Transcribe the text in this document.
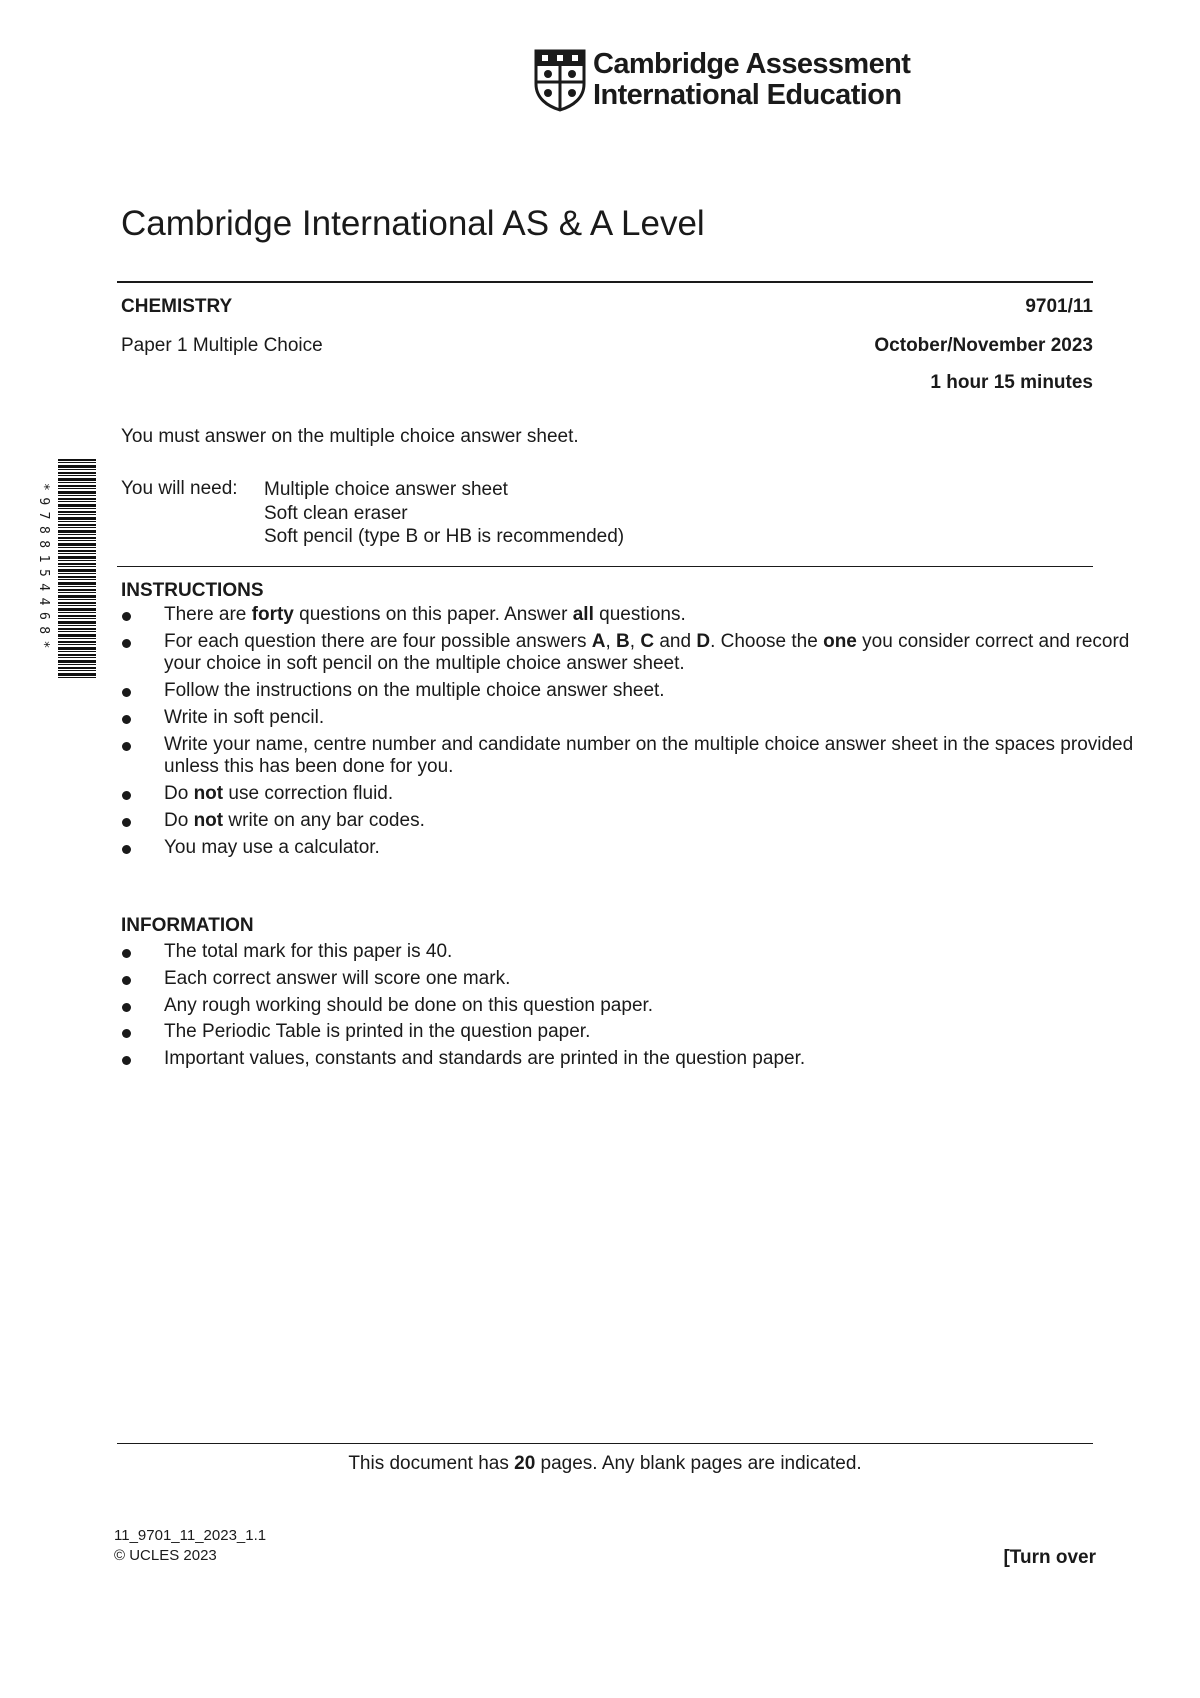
Cambridge Assessment
International Education
Cambridge International AS & A Level
CHEMISTRY	9701/11
Paper 1 Multiple Choice	October/November 2023
1 hour 15 minutes
You must answer on the multiple choice answer sheet.
You will need: Multiple choice answer sheet
Soft clean eraser
Soft pencil (type B or HB is recommended)
*9788154468*	INSTRUCTIONS
There are forty questions on this paper. Answer all questions.
For each question there are four possible answers A, B, C and D. Choose the one you consider correct and record your choice in soft pencil on the multiple choice answer sheet.
Follow the instructions on the multiple choice answer sheet.
Write in soft pencil.
Write your name, centre number and candidate number on the multiple choice answer sheet in the spaces provided unless this has been done for you.
Do not use correction fluid.
Do not write on any bar codes.
You may use a calculator.
INFORMATION
The total mark for this paper is 40.
Each correct answer will score one mark.
Any rough working should be done on this question paper.
The Periodic Table is printed in the question paper.
Important values, constants and standards are printed in the question paper.
This document has 20 pages. Any blank pages are indicated.
11_9701_11_2023_1.1
© UCLES 2023	[Turn over
